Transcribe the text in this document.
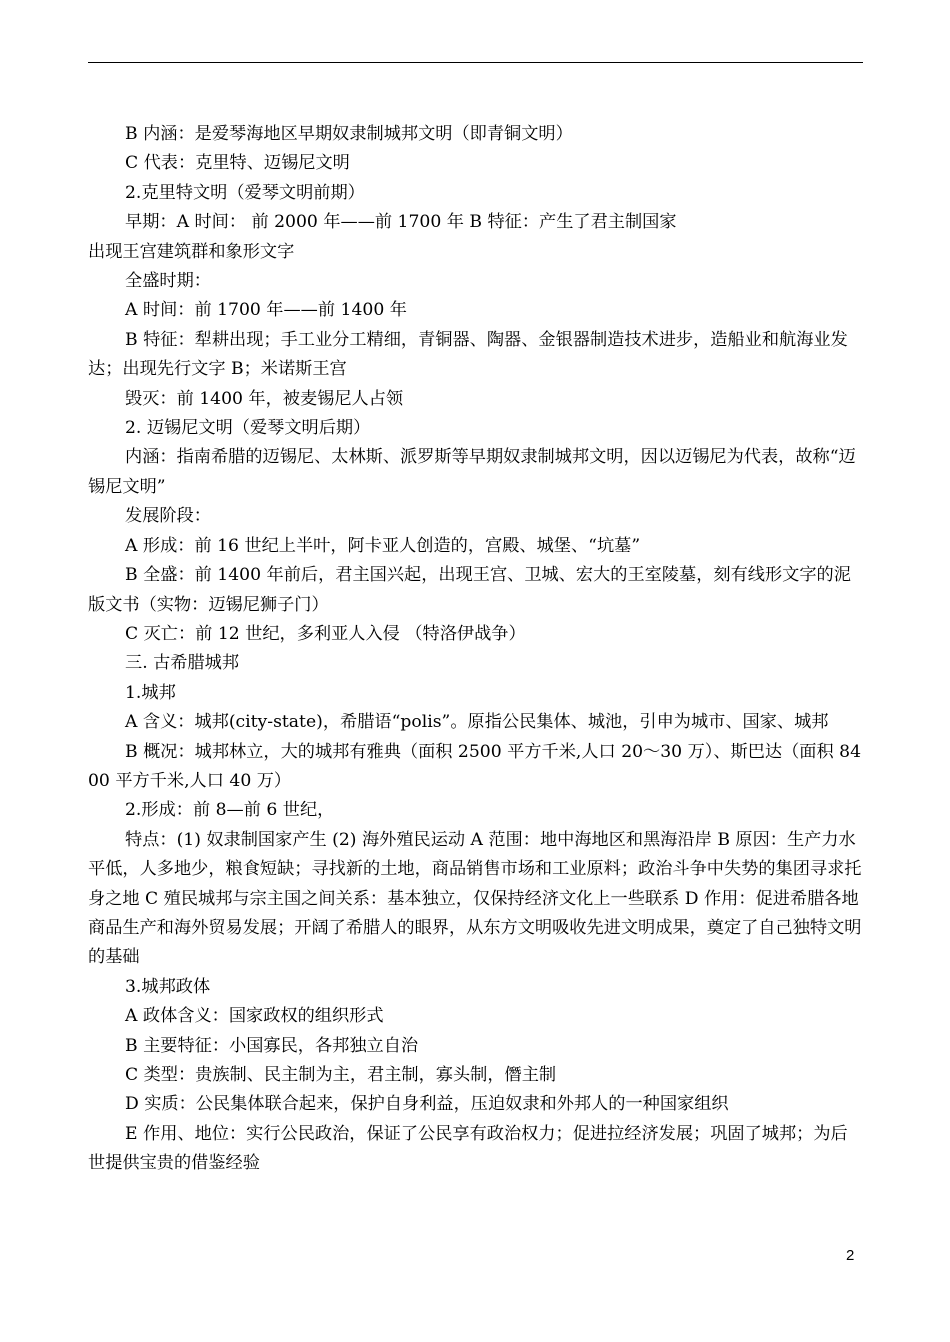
B 内涵：是爱琴海地区早期奴隶制城邦文明（即青铜文明）

C 代表：克里特、迈锡尼文明

2.克里特文明（爱琴文明前期）

早期：A 时间： 前 2000 年——前 1700 年 B 特征：产生了君主制国家

出现王宫建筑群和象形文字

全盛时期：

A 时间：前 1700 年——前 1400 年

B 特征：犁耕出现；手工业分工精细，青铜器、陶器、金银器制造技术进步，造船业和航海业发达；出现先行文字 B；米诺斯王宫

毁灭：前 1400 年，被麦锡尼人占领

2. 迈锡尼文明（爱琴文明后期）

内涵：指南希腊的迈锡尼、太林斯、派罗斯等早期奴隶制城邦文明，因以迈锡尼为代表，故称“迈锡尼文明”

发展阶段：

A 形成：前 16 世纪上半叶，阿卡亚人创造的，宫殿、城堡、“坑墓”

B 全盛：前 1400 年前后，君主国兴起，出现王宫、卫城、宏大的王室陵墓，刻有线形文字的泥版文书（实物：迈锡尼狮子门）

C 灭亡：前 12 世纪，多利亚人入侵 （特洛伊战争）

三. 古希腊城邦

1.城邦

A 含义：城邦(city-state)，希腊语“polis”。原指公民集体、城池，引申为城市、国家、城邦

B 概况：城邦林立，大的城邦有雅典（面积 2500 平方千米,人口 20～30 万）、斯巴达（面积 8400 平方千米,人口 40 万）

2.形成：前 8—前 6 世纪，

特点：(1) 奴隶制国家产生 (2) 海外殖民运动 A 范围：地中海地区和黑海沿岸 B 原因：生产力水平低，人多地少，粮食短缺；寻找新的土地，商品销售市场和工业原料；政治斗争中失势的集团寻求托身之地 C 殖民城邦与宗主国之间关系：基本独立，仅保持经济文化上一些联系 D 作用：促进希腊各地商品生产和海外贸易发展；开阔了希腊人的眼界，从东方文明吸收先进文明成果，奠定了自己独特文明的基础

3.城邦政体

A 政体含义：国家政权的组织形式

B 主要特征：小国寡民，各邦独立自治

C 类型：贵族制、民主制为主，君主制，寡头制，僭主制

D 实质：公民集体联合起来，保护自身利益，压迫奴隶和外邦人的一种国家组织

E 作用、地位：实行公民政治，保证了公民享有政治权力；促进拉经济发展；巩固了城邦；为后世提供宝贵的借鉴经验

2
